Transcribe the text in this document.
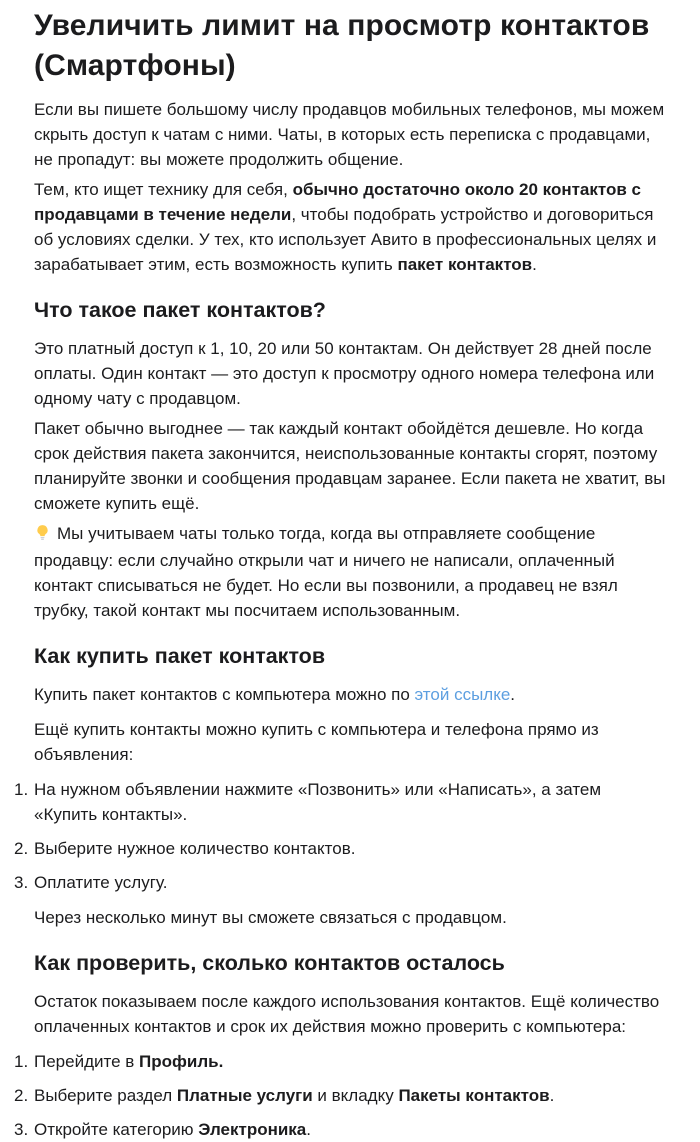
Увеличить лимит на просмотр контактов (Смартфоны)

Если вы пишете большому числу продавцов мобильных телефонов, мы можем скрыть доступ к чатам с ними. Чаты, в которых есть переписка с продавцами, не пропадут: вы можете продолжить общение.

Тем, кто ищет технику для себя, обычно достаточно около 20 контактов с продавцами в течение недели, чтобы подобрать устройство и договориться об условиях сделки. У тех, кто использует Авито в профессиональных целях и зарабатывает этим, есть возможность купить пакет контактов.

Что такое пакет контактов?

Это платный доступ к 1, 10, 20 или 50 контактам. Он действует 28 дней после оплаты. Один контакт — это доступ к просмотру одного номера телефона или одному чату с продавцом.

Пакет обычно выгоднее — так каждый контакт обойдётся дешевле. Но когда срок действия пакета закончится, неиспользованные контакты сгорят, поэтому планируйте звонки и сообщения продавцам заранее. Если пакета не хватит, вы сможете купить ещё.

Мы учитываем чаты только тогда, когда вы отправляете сообщение продавцу: если случайно открыли чат и ничего не написали, оплаченный контакт списываться не будет. Но если вы позвонили, а продавец не взял трубку, такой контакт мы посчитаем использованным.

Как купить пакет контактов

Купить пакет контактов с компьютера можно по этой ссылке.

Ещё купить контакты можно купить с компьютера и телефона прямо из объявления:

1. На нужном объявлении нажмите «Позвонить» или «Написать», а затем «Купить контакты».
2. Выберите нужное количество контактов.
3. Оплатите услугу.

Через несколько минут вы сможете связаться с продавцом.

Как проверить, сколько контактов осталось

Остаток показываем после каждого использования контактов. Ещё количество оплаченных контактов и срок их действия можно проверить с компьютера:

1. Перейдите в Профиль.
2. Выберите раздел Платные услуги и вкладку Пакеты контактов.
3. Откройте категорию Электроника.
